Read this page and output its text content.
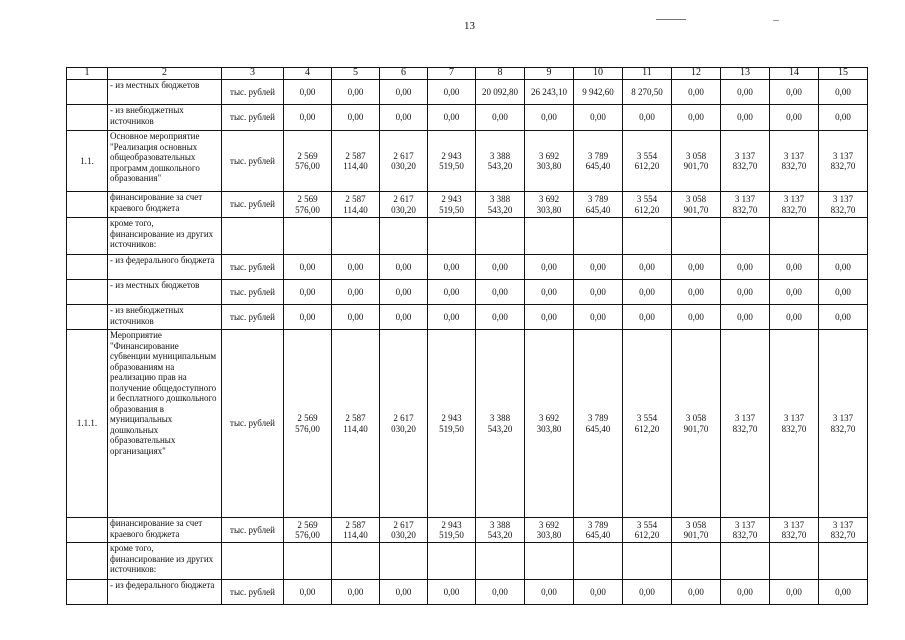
13
1	2	3	4	5	6	7	8	9	10	11	12	13	14	15
	- из местных бюджетов	тыс. рублей	0,00	0,00	0,00	0,00	20 092,80	26 243,10	9 942,60	8 270,50	0,00	0,00	0,00	0,00
	- из внебюджетных источников	тыс. рублей	0,00	0,00	0,00	0,00	0,00	0,00	0,00	0,00	0,00	0,00	0,00	0,00
1.1.	Основное мероприятие "Реализация основных общеобразовательных программ дошкольного образования"	тыс. рублей	2 569 576,00	2 587 114,40	2 617 030,20	2 943 519,50	3 388 543,20	3 692 303,80	3 789 645,40	3 554 612,20	3 058 901,70	3 137 832,70	3 137 832,70	3 137 832,70
	финансирование за счет краевого бюджета	тыс. рублей	2 569 576,00	2 587 114,40	2 617 030,20	2 943 519,50	3 388 543,20	3 692 303,80	3 789 645,40	3 554 612,20	3 058 901,70	3 137 832,70	3 137 832,70	3 137 832,70
	кроме того, финансирование из других источников:													
	- из федерального бюджета	тыс. рублей	0,00	0,00	0,00	0,00	0,00	0,00	0,00	0,00	0,00	0,00	0,00	0,00
	- из местных бюджетов	тыс. рублей	0,00	0,00	0,00	0,00	0,00	0,00	0,00	0,00	0,00	0,00	0,00	0,00
	- из внебюджетных источников	тыс. рублей	0,00	0,00	0,00	0,00	0,00	0,00	0,00	0,00	0,00	0,00	0,00	0,00
1.1.1.	Мероприятие "Финансирование субвенции муниципальным образованиям на реализацию прав на получение общедоступного и бесплатного дошкольного образования в муниципальных дошкольных образовательных организациях"	тыс. рублей	2 569 576,00	2 587 114,40	2 617 030,20	2 943 519,50	3 388 543,20	3 692 303,80	3 789 645,40	3 554 612,20	3 058 901,70	3 137 832,70	3 137 832,70	3 137 832,70
	финансирование за счет краевого бюджета	тыс. рублей	2 569 576,00	2 587 114,40	2 617 030,20	2 943 519,50	3 388 543,20	3 692 303,80	3 789 645,40	3 554 612,20	3 058 901,70	3 137 832,70	3 137 832,70	3 137 832,70
	кроме того, финансирование из других источников:													
	- из федерального бюджета	тыс. рублей	0,00	0,00	0,00	0,00	0,00	0,00	0,00	0,00	0,00	0,00	0,00	0,00
